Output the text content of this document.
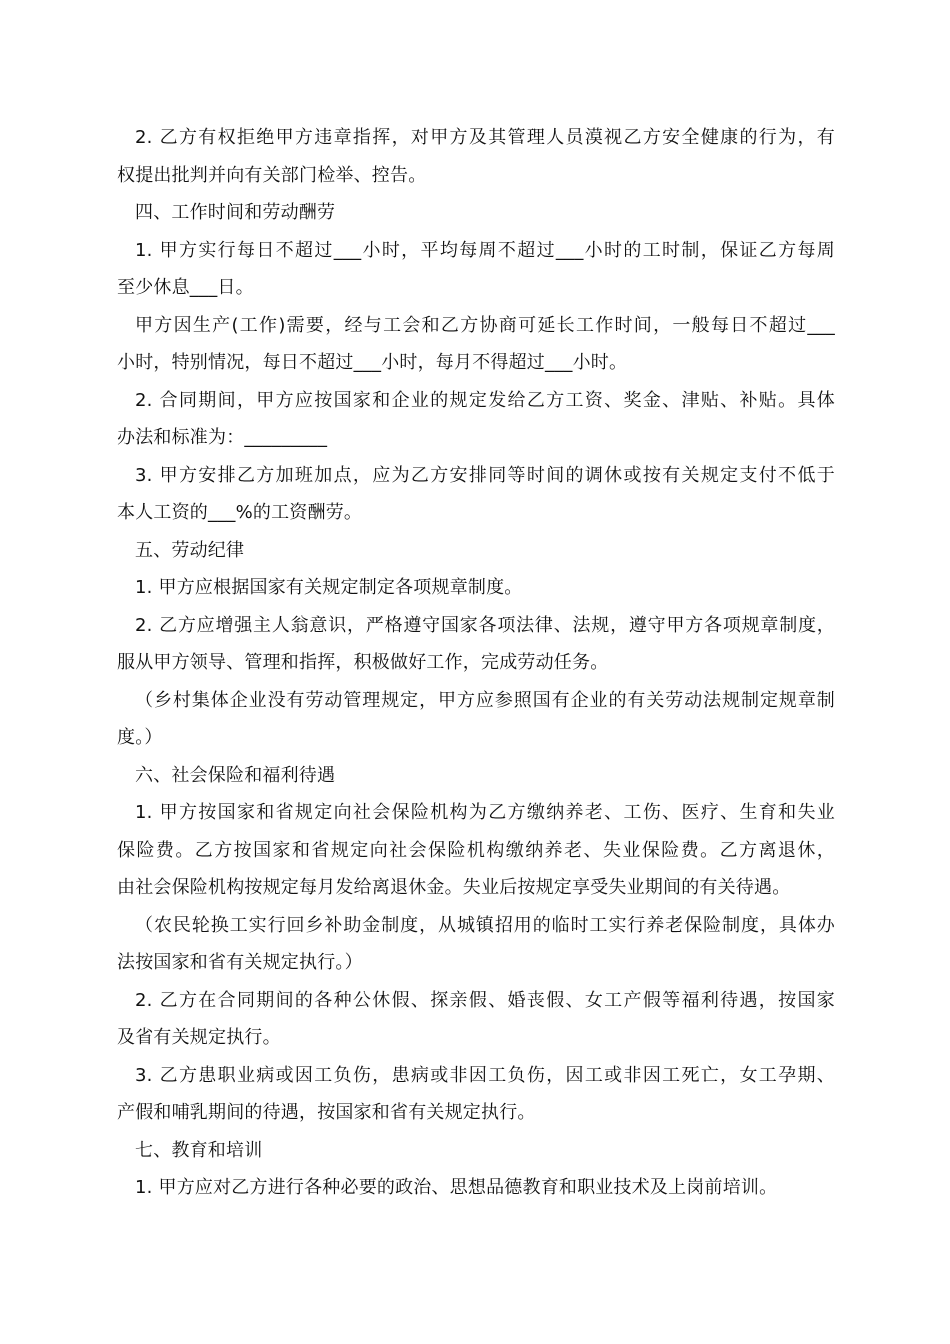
2. 乙方有权拒绝甲方违章指挥，对甲方及其管理人员漠视乙方安全健康的行为，有
权提出批判并向有关部门检举、控告。
四、工作时间和劳动酬劳
1. 甲方实行每日不超过___小时，平均每周不超过___小时的工时制，保证乙方每周
至少休息___日。
甲方因生产(工作)需要，经与工会和乙方协商可延长工作时间，一般每日不超过___
小时，特别情况，每日不超过___小时，每月不得超过___小时。
2. 合同期间，甲方应按国家和企业的规定发给乙方工资、奖金、津贴、补贴。具体
办法和标准为：_________
3. 甲方安排乙方加班加点，应为乙方安排同等时间的调休或按有关规定支付不低于
本人工资的___%的工资酬劳。
五、劳动纪律
1. 甲方应根据国家有关规定制定各项规章制度。
2. 乙方应增强主人翁意识，严格遵守国家各项法律、法规，遵守甲方各项规章制度，
服从甲方领导、管理和指挥，积极做好工作，完成劳动任务。
（乡村集体企业没有劳动管理规定，甲方应参照国有企业的有关劳动法规制定规章制
度。）
六、社会保险和福利待遇
1. 甲方按国家和省规定向社会保险机构为乙方缴纳养老、工伤、医疗、生育和失业
保险费。乙方按国家和省规定向社会保险机构缴纳养老、失业保险费。乙方离退休，
由社会保险机构按规定每月发给离退休金。失业后按规定享受失业期间的有关待遇。
（农民轮换工实行回乡补助金制度，从城镇招用的临时工实行养老保险制度，具体办
法按国家和省有关规定执行。）
2. 乙方在合同期间的各种公休假、探亲假、婚丧假、女工产假等福利待遇，按国家
及省有关规定执行。
3. 乙方患职业病或因工负伤，患病或非因工负伤，因工或非因工死亡，女工孕期、
产假和哺乳期间的待遇，按国家和省有关规定执行。
七、教育和培训
1. 甲方应对乙方进行各种必要的政治、思想品德教育和职业技术及上岗前培训。
